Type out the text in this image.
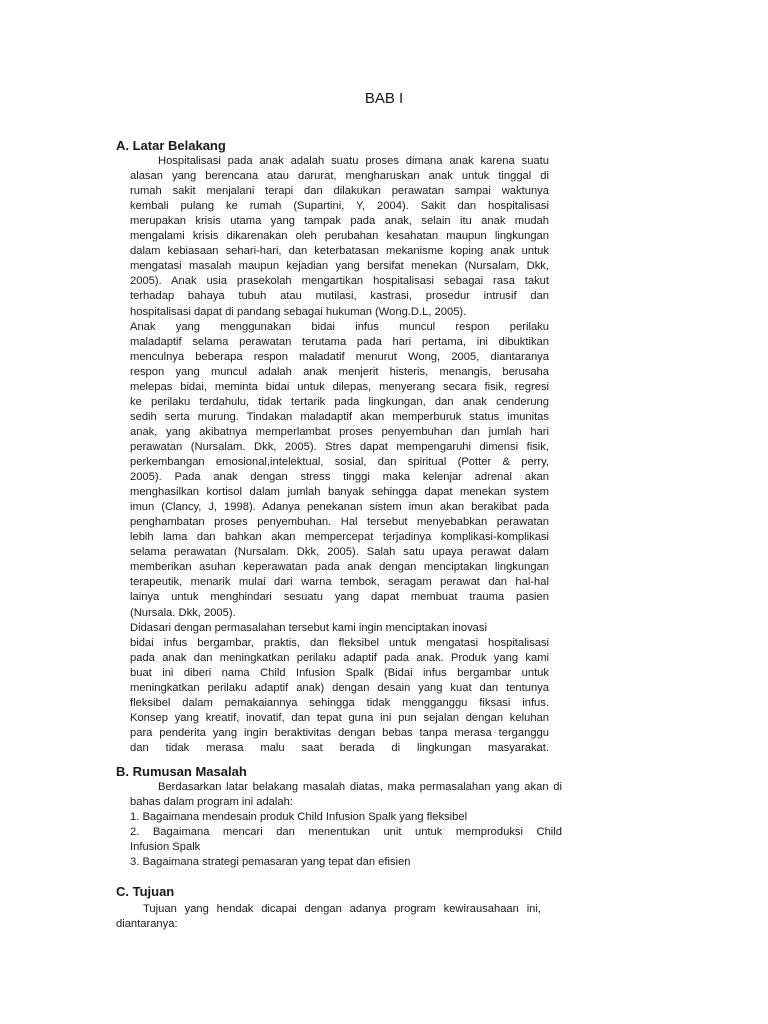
BAB I
A. Latar Belakang
Hospitalisasi pada anak adalah suatu proses dimana anak karena suatu
alasan yang berencana atau darurat, mengharuskan anak untuk tinggal di
rumah sakit menjalani terapi dan dilakukan perawatan sampai waktunya
kembali pulang ke rumah (Supartini, Y, 2004). Sakit dan hospitalisasi
merupakan krisis utama yang tampak pada anak, selain itu anak mudah
mengalami krisis dikarenakan oleh perubahan kesahatan maupun lingkungan
dalam kebiasaan sehari-hari, dan keterbatasan mekanisme koping anak untuk
mengatasi masalah maupun kejadian yang bersifat menekan (Nursalam, Dkk,
2005). Anak usia prasekolah mengartikan hospitalisasi sebagai rasa takut
terhadap bahaya tubuh atau mutilasi, kastrasi, prosedur intrusif dan
hospitalisasi dapat di pandang sebagai hukuman (Wong.D.L, 2005).
Anak yang menggunakan bidai infus muncul respon perilaku
maladaptif selama perawatan terutama pada hari pertama, ini dibuktikan
menculnya beberapa respon maladatif menurut Wong, 2005, diantaranya
respon yang muncul adalah anak menjerit histeris, menangis, berusaha
melepas bidai, meminta bidai untuk dilepas, menyerang secara fisik, regresi
ke perilaku terdahulu, tidak tertarik pada lingkungan, dan anak cenderung
sedih serta murung. Tindakan maladaptif akan memperburuk status imunitas
anak, yang akibatnya memperlambat proses penyembuhan dan jumlah hari
perawatan (Nursalam. Dkk, 2005). Stres dapat mempengaruhi dimensi fisik,
perkembangan emosional,intelektual, sosial, dan spiritual (Potter & perry,
2005). Pada anak dengan stress tinggi maka kelenjar adrenal akan
menghasilkan kortisol dalam jumlah banyak sehingga dapat menekan system
imun (Clancy, J, 1998). Adanya penekanan sistem imun akan berakibat pada
penghambatan proses penyembuhan. Hal tersebut menyebabkan perawatan
lebih lama dan bahkan akan mempercepat terjadinya komplikasi-komplikasi
selama perawatan (Nursalam. Dkk, 2005). Salah satu upaya perawat dalam
memberikan asuhan keperawatan pada anak dengan menciptakan lingkungan
terapeutik, menarik mulai dari warna tembok, seragam perawat dan hal-hal
lainya untuk menghindari sesuatu yang dapat membuat trauma pasien
(Nursala. Dkk, 2005).
Didasari dengan permasalahan tersebut kami ingin menciptakan inovasi
bidai infus bergambar, praktis, dan fleksibel untuk mengatasi hospitalisasi
pada anak dan meningkatkan perilaku adaptif pada anak. Produk yang kami
buat ini diberi nama Child Infusion Spalk (Bidai infus bergambar untuk
meningkatkan perilaku adaptif anak) dengan desain yang kuat dan tentunya
fleksibel dalam pemakaiannya sehingga tidak mengganggu fiksasi infus.
Konsep yang kreatif, inovatif, dan tepat guna ini pun sejalan dengan keluhan
para penderita yang ingin beraktivitas dengan bebas tanpa merasa terganggu
dan tidak merasa malu saat berada di lingkungan masyarakat.
B. Rumusan Masalah
Berdasarkan latar belakang masalah diatas, maka permasalahan yang akan di
bahas dalam program ini adalah:
1. Bagaimana mendesain produk Child Infusion Spalk yang fleksibel
2. Bagaimana mencari dan menentukan unit untuk memproduksi Child
Infusion Spalk
3. Bagaimana strategi pemasaran yang tepat dan efisien
C. Tujuan
Tujuan yang hendak dicapai dengan adanya program kewirausahaan ini,
diantaranya:
